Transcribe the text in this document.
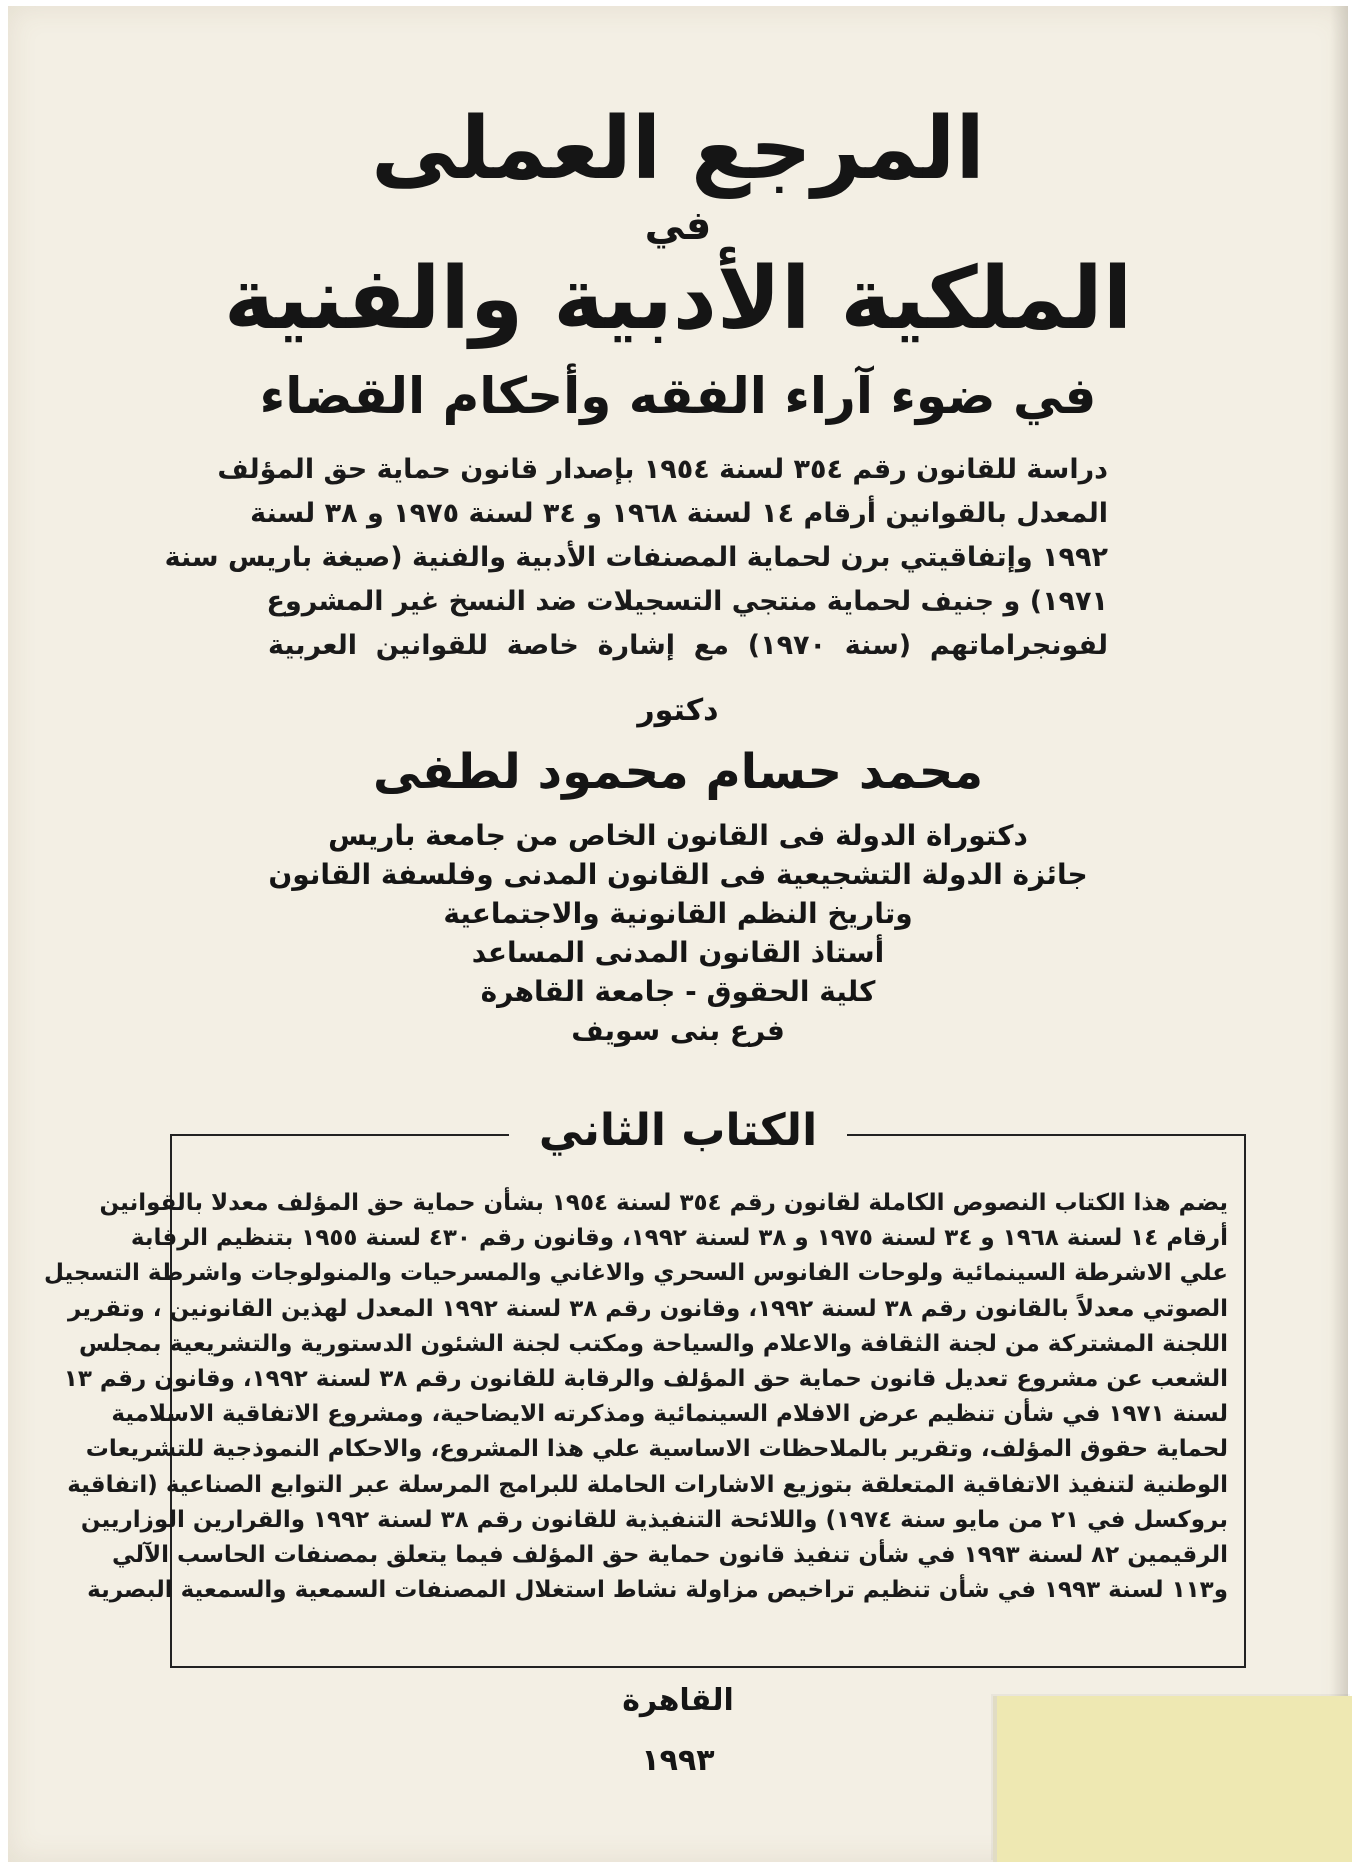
المرجع العملى
في
الملكية الأدبية والفنية
في ضوء آراء الفقه وأحكام القضاء
دراسة للقانون رقم ٣٥٤ لسنة ١٩٥٤ بإصدار قانون حماية حق المؤلف
المعدل بالقوانين أرقام ١٤ لسنة ١٩٦٨ و ٣٤ لسنة ١٩٧٥ و ٣٨ لسنة
١٩٩٢ وإتفاقيتي برن لحماية المصنفات الأدبية والفنية (صيغة باريس سنة
١٩٧١) و جنيف لحماية منتجي التسجيلات ضد النسخ غير المشروع
لفونجراماتهم (سنة ١٩٧٠) مع إشارة خاصة للقوانين العربية
دكتور
محمد حسام محمود لطفى
دكتوراة الدولة فى القانون الخاص من جامعة باريس
جائزة الدولة التشجيعية فى القانون المدنى وفلسفة القانون
وتاريخ النظم القانونية والاجتماعية
أستاذ القانون المدنى المساعد
كلية الحقوق - جامعة القاهرة
فرع بنى سويف
الكتاب الثاني
يضم هذا الكتاب النصوص الكاملة لقانون رقم ٣٥٤ لسنة ١٩٥٤ بشأن حماية حق المؤلف معدلا بالقوانين
أرقام ١٤ لسنة ١٩٦٨ و ٣٤ لسنة ١٩٧٥ و ٣٨ لسنة ١٩٩٢، وقانون رقم ٤٣٠ لسنة ١٩٥٥ بتنظيم الرقابة
علي الاشرطة السينمائية ولوحات الفانوس السحري والاغاني والمسرحيات والمنولوجات واشرطة التسجيل
الصوتي معدلاً بالقانون رقم ٣٨ لسنة ١٩٩٢، وقانون رقم ٣٨ لسنة ١٩٩٢ المعدل لهذين القانونين ، وتقرير
اللجنة المشتركة من لجنة الثقافة والاعلام والسياحة ومكتب لجنة الشئون الدستورية والتشريعية بمجلس
الشعب عن مشروع تعديل قانون حماية حق المؤلف والرقابة للقانون رقم ٣٨ لسنة ١٩٩٢، وقانون رقم ١٣
لسنة ١٩٧١ في شأن تنظيم عرض الافلام السينمائية ومذكرته الايضاحية، ومشروع الاتفاقية الاسلامية
لحماية حقوق المؤلف، وتقرير بالملاحظات الاساسية علي هذا المشروع، والاحكام النموذجية للتشريعات
الوطنية لتنفيذ الاتفاقية المتعلقة بتوزيع الاشارات الحاملة للبرامج المرسلة عبر التوابع الصناعية (اتفاقية
بروكسل في ٢١ من مايو سنة ١٩٧٤) واللائحة التنفيذية للقانون رقم ٣٨ لسنة ١٩٩٢ والقرارين الوزاريين
الرقيمين ٨٢ لسنة ١٩٩٣ في شأن تنفيذ قانون حماية حق المؤلف فيما يتعلق بمصنفات الحاسب الآلي
و١١٣ لسنة ١٩٩٣ في شأن تنظيم تراخيص مزاولة نشاط استغلال المصنفات السمعية والسمعية البصرية
القاهرة
١٩٩٣
